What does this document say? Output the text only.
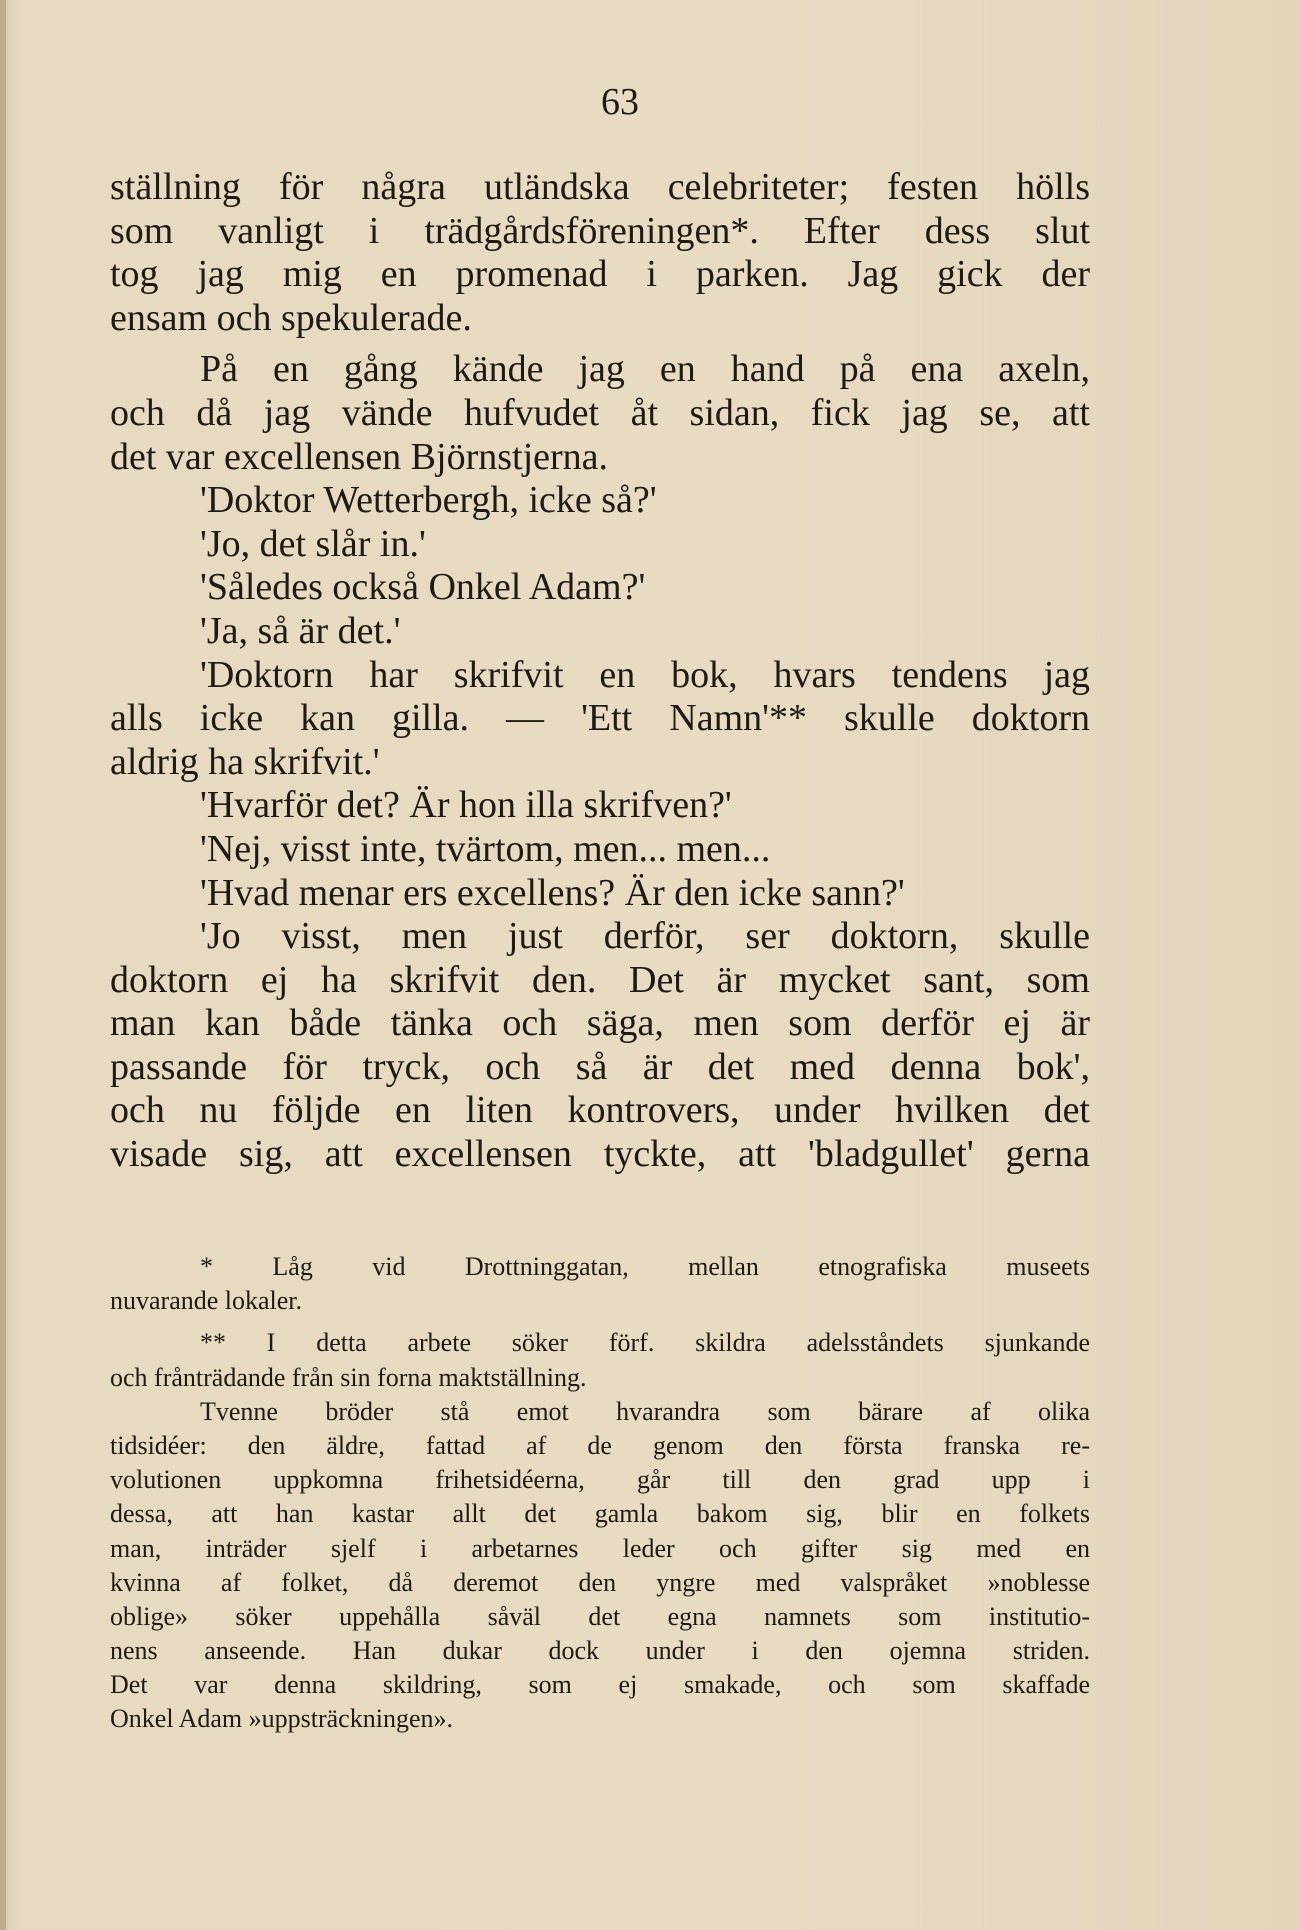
63
ställning för några utländska celebriteter; festen hölls
som vanligt i trädgårdsföreningen*. Efter dess slut
tog jag mig en promenad i parken. Jag gick der
ensam och spekulerade.
På en gång kände jag en hand på ena axeln,
och då jag vände hufvudet åt sidan, fick jag se, att
det var excellensen Björnstjerna.
'Doktor Wetterbergh, icke så?'
'Jo, det slår in.'
'Således också Onkel Adam?'
'Ja, så är det.'
'Doktorn har skrifvit en bok, hvars tendens jag
alls icke kan gilla. — 'Ett Namn'** skulle doktorn
aldrig ha skrifvit.'
'Hvarför det? Är hon illa skrifven?'
'Nej, visst inte, tvärtom, men... men...
'Hvad menar ers excellens? Är den icke sann?'
'Jo visst, men just derför, ser doktorn, skulle
doktorn ej ha skrifvit den. Det är mycket sant, som
man kan både tänka och säga, men som derför ej är
passande för tryck, och så är det med denna bok',
och nu följde en liten kontrovers, under hvilken det
visade sig, att excellensen tyckte, att 'bladgullet' gerna
* Låg vid Drottninggatan, mellan etnografiska museets
nuvarande lokaler.
** I detta arbete söker förf. skildra adelsståndets sjunkande
och frånträdande från sin forna maktställning.
Tvenne bröder stå emot hvarandra som bärare af olika
tidsidéer: den äldre, fattad af de genom den första franska re-
volutionen uppkomna frihetsidéerna, går till den grad upp i
dessa, att han kastar allt det gamla bakom sig, blir en folkets
man, inträder sjelf i arbetarnes leder och gifter sig med en
kvinna af folket, då deremot den yngre med valspråket »noblesse
oblige» söker uppehålla såväl det egna namnets som institutio-
nens anseende. Han dukar dock under i den ojemna striden.
Det var denna skildring, som ej smakade, och som skaffade
Onkel Adam »uppsträckningen».
